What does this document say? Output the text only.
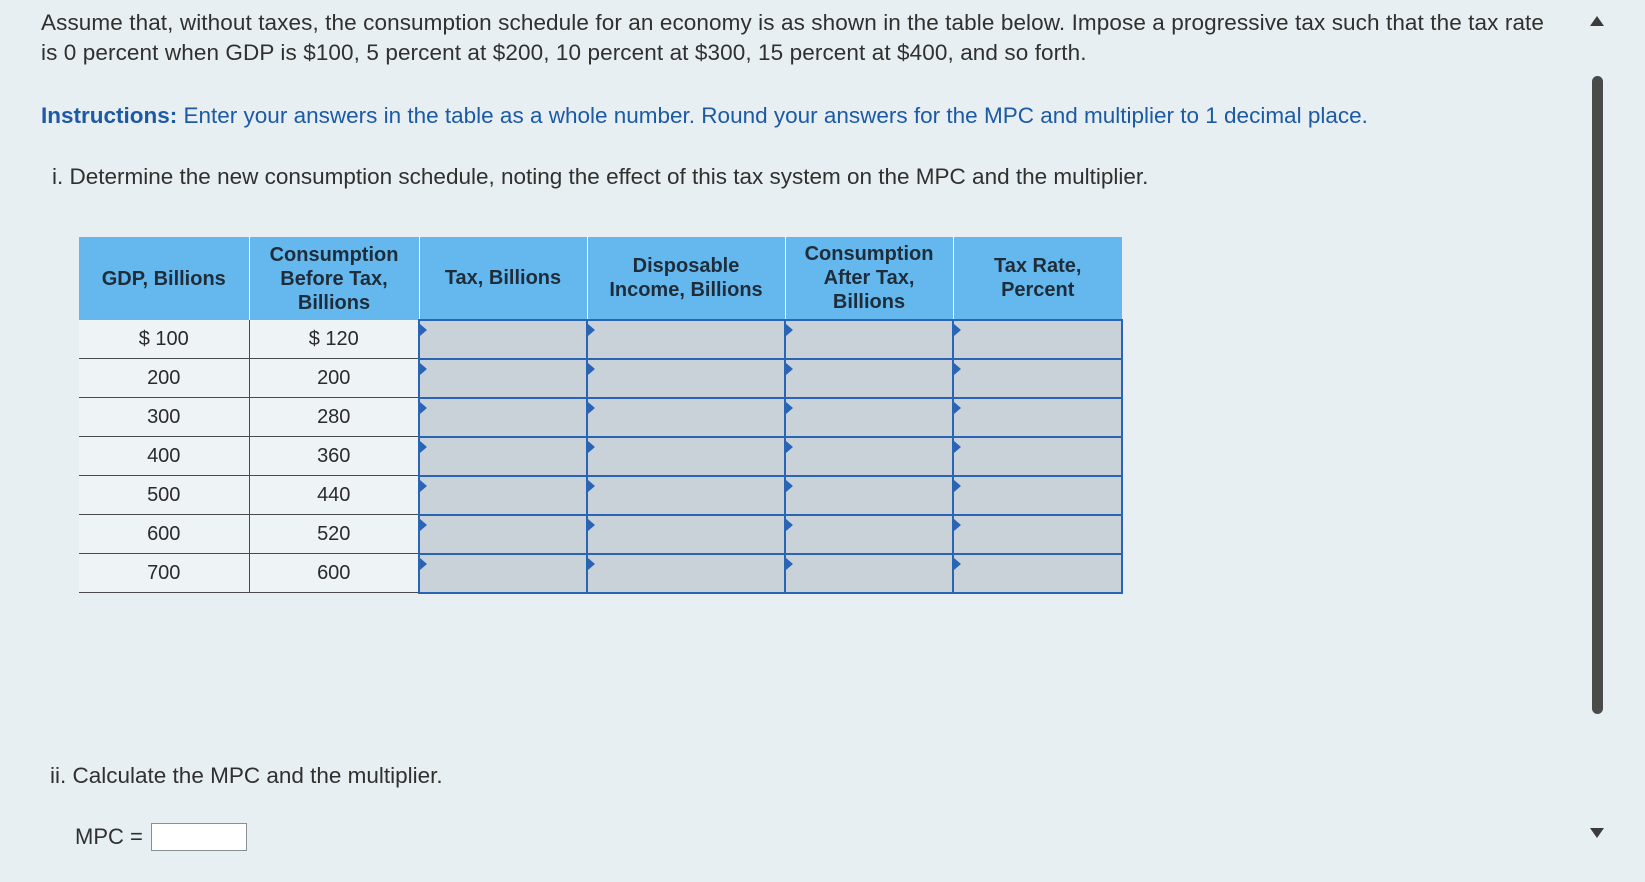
Assume that, without taxes, the consumption schedule for an economy is as shown in the table below. Impose a progressive tax such that the tax rate is 0 percent when GDP is $100, 5 percent at $200, 10 percent at $300, 15 percent at $400, and so forth.
Instructions: Enter your answers in the table as a whole number. Round your answers for the MPC and multiplier to 1 decimal place.
i. Determine the new consumption schedule, noting the effect of this tax system on the MPC and the multiplier.
GDP, Billions	Consumption
Before Tax,
Billions	Tax, Billions	Disposable
Income, Billions	Consumption
After Tax,
Billions	Tax Rate,
Percent
$ 100	$ 120	

200	200	

300	280	

400	360	

500	440	

600	520	

700	600	

ii. Calculate the MPC and the multiplier.
MPC =
